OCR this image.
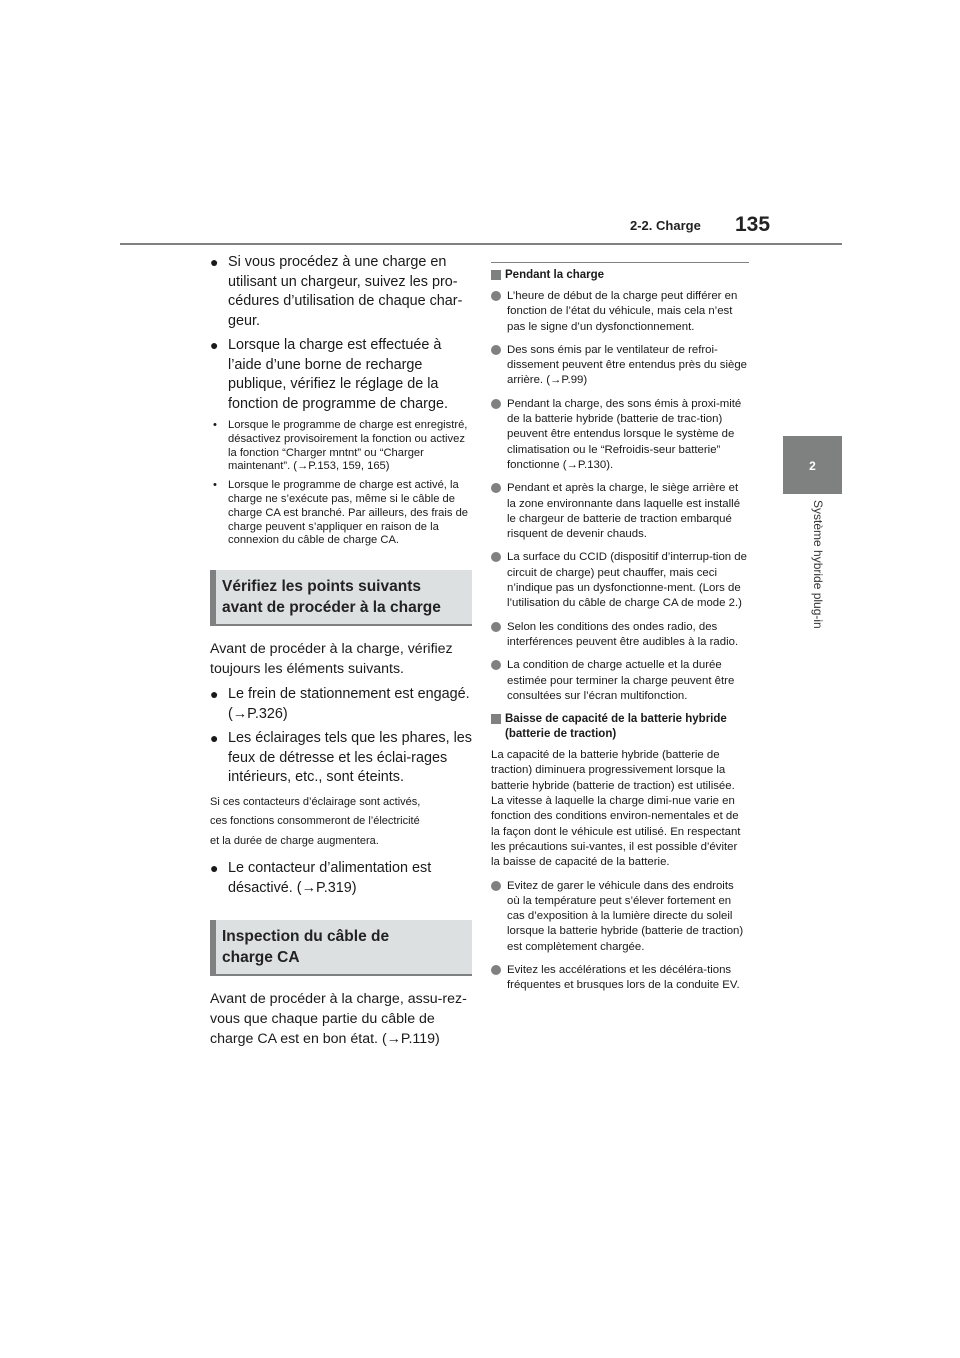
2-2. Charge 135
2
Système hybride plug-in
● Si vous procédez à une charge en utilisant un chargeur, suivez les pro-cédures d’utilisation de chaque char-geur.
● Lorsque la charge est effectuée à l’aide d’une borne de recharge publique, vérifiez le réglage de la fonction de programme de charge.
• Lorsque le programme de charge est enregistré, désactivez provisoirement la fonction ou activez la fonction “Charger mntnt” ou “Charger maintenant”. (→P.153, 159, 165)
• Lorsque le programme de charge est activé, la charge ne s’exécute pas, même si le câble de charge CA est branché. Par ailleurs, des frais de charge peuvent s’appliquer en raison de la connexion du câble de charge CA.
Vérifiez les points suivants avant de procéder à la charge
Avant de procéder à la charge, vérifiez toujours les éléments suivants.
● Le frein de stationnement est engagé. (→P.326)
● Les éclairages tels que les phares, les feux de détresse et les éclai-rages intérieurs, etc., sont éteints.
Si ces contacteurs d’éclairage sont activés,
ces fonctions consommeront de l’électricité
et la durée de charge augmentera.
● Le contacteur d’alimentation est désactivé. (→P.319)
Inspection du câble de charge CA
Avant de procéder à la charge, assu-rez-vous que chaque partie du câble de charge CA est en bon état. (→P.119)
Pendant la charge
L’heure de début de la charge peut différer en fonction de l’état du véhicule, mais cela n’est pas le signe d’un dysfonctionnement.
Des sons émis par le ventilateur de refroi-dissement peuvent être entendus près du siège arrière. (→P.99)
Pendant la charge, des sons émis à proxi-mité de la batterie hybride (batterie de trac-tion) peuvent être entendus lorsque le système de climatisation ou le “Refroidis-seur batterie” fonctionne (→P.130).
Pendant et après la charge, le siège arrière et la zone environnante dans laquelle est installé le chargeur de batterie de traction embarqué risquent de devenir chauds.
La surface du CCID (dispositif d’interrup-tion de circuit de charge) peut chauffer, mais ceci n’indique pas un dysfonctionne-ment. (Lors de l’utilisation du câble de charge CA de mode 2.)
Selon les conditions des ondes radio, des interférences peuvent être audibles à la radio.
La condition de charge actuelle et la durée estimée pour terminer la charge peuvent être consultées sur l’écran multifonction.
Baisse de capacité de la batterie hybride (batterie de traction)
La capacité de la batterie hybride (batterie de traction) diminuera progressivement lorsque la batterie hybride (batterie de traction) est utilisée. La vitesse à laquelle la charge dimi-nue varie en fonction des conditions environ-nementales et de la façon dont le véhicule est utilisé. En respectant les précautions sui-vantes, il est possible d’éviter la baisse de capacité de la batterie.
Evitez de garer le véhicule dans des endroits où la température peut s’élever fortement en cas d’exposition à la lumière directe du soleil lorsque la batterie hybride (batterie de traction) est complètement chargée.
Evitez les accélérations et les décéléra-tions fréquentes et brusques lors de la conduite EV.
